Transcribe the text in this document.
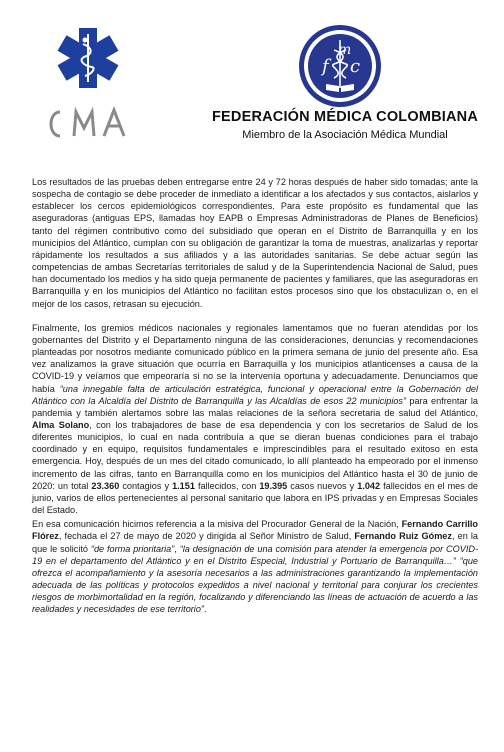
CMA
f
m
c
FEDERACIÓN MÉDICA COLOMBIANA
Miembro de la Asociación Médica Mundial

Los resultados de las pruebas deben entregarse entre 24 y 72 horas después de haber sido tomadas; ante la sospecha de contagio se debe proceder de inmediato a identificar a los afectados y sus contactos, aislarlos y establecer los cercos epidemiológicos correspondientes. Para este propósito es fundamental que las aseguradoras (antiguas EPS, llamadas hoy EAPB o Empresas Administradoras de Planes de Beneficios) tanto del régimen contributivo como del subsidiado que operan en el Distrito de Barranquilla y en los municipios del Atlántico, cumplan con su obligación de garantizar la toma de muestras, analizarlas y reportar rápidamente los resultados a sus afiliados y a las autoridades sanitarias. Se debe actuar según las competencias de ambas Secretarías territoriales de salud y de la Superintendencia Nacional de Salud, pues han documentado los medios y ha sido queja permanente de pacientes y familiares, que las aseguradoras en Barranquilla y en los municipios del Atlántico no facilitan estos procesos sino que los obstaculizan o, en el mejor de los casos, retrasan su ejecución.

Finalmente, los gremios médicos nacionales y regionales lamentamos que no fueran atendidas por los gobernantes del Distrito y el Departamento ninguna de las consideraciones, denuncias y recomendaciones planteadas por nosotros mediante comunicado público en la primera semana de junio del presente año. Esa vez analizamos la grave situación que ocurría en Barraquilla y los municipios atlanticenses a causa de la COVID-19 y veíamos que empeoraría si no se la intervenía oportuna y adecuadamente. Denunciamos que había “una innegable falta de articulación estratégica, funcional y operacional entre la Gobernación del Atlántico con la Alcaldía del Distrito de Barranquilla y las Alcaldías de esos 22 municipios” para enfrentar la pandemia y también alertamos sobre las malas relaciones de la señora secretaria de salud del Atlántico, Alma Solano, con los trabajadores de base de esa dependencia y con los secretarios de Salud de los diferentes municipios, lo cual en nada contribuía a que se dieran buenas condiciones para el trabajo coordinado y en equipo, requisitos fundamentales e imprescindibles para el resultado exitoso en esta emergencia. Hoy, después de un mes del citado comunicado, lo allí planteado ha empeorado por el inmenso incremento de las cifras, tanto en Barranquilla como en los municipios del Atlántico hasta el 30 de junio de 2020: un total 23.360 contagios y 1.151 fallecidos, con 19.395 casos nuevos y 1.042 fallecidos en el mes de junio, varios de ellos pertenecientes al personal sanitario que labora en IPS privadas y en Empresas Sociales del Estado.

En esa comunicación hicimos referencia a la misiva del Procurador General de la Nación, Fernando Carrillo Flórez, fechada el 27 de mayo de 2020 y dirigida al Señor Ministro de Salud, Fernando Ruiz Gómez, en la que le solicitó “de forma prioritaria”, “la designación de una comisión para atender la emergencia por COVID-19 en el departamento del Atlántico y en el Distrito Especial, Industrial y Portuario de Barranquilla…” “que ofrezca el acompañamiento y la asesoría necesarios a las administraciones garantizando la implementación adecuada de las políticas y protocolos expedidos a nivel nacional y territorial para conjurar los crecientes riesgos de morbimortalidad en la región, focalizando y diferenciando las líneas de actuación de acuerdo a las realidades y necesidades de ese territorio”.
